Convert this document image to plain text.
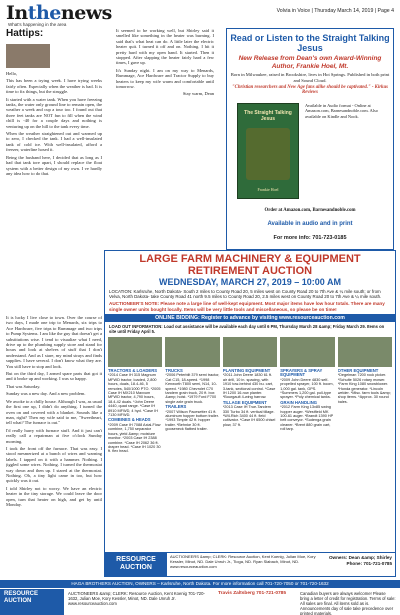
Inthenews
What's happening in the area
Volvia in Voice | Thursday March 14, 2019 | Page 4
Hattips:

Hello,

This has been a trying week. I have trying weeks fairly often. Especially when the weather is bad. It is time to fix things, but the struggle.

It started with a water tank. When you have freezing tanks, the water only ground line to remain open, the weather a week and cup a tour too. I found out that three feet tanks are NOT fun to fill when the wind chill is -40 for a couple days and nothing is venturing up on the hill to the tank every time.

When the weather straightened out and warmed up to zero, I checked the tank. I had a well-insulated tank of cold ice. With well-insulated, afford a freezer, waterline hosed it.

Being the husband here, I decided that as long as I had that tank tore apart, I should replace the float system with a better design of my own. I ve hardly any idea how to do that.

It is lucky I live close to town. Over the course of two days, I made one trip to Menards, six trips to Ace Hardware, five trips to Rummage and two trips to Pump Systems. I am like the guy that doesn't get a substitutions wise. I tend to visualize what I need, drive up to the plumbing supply store and stand for hours and look at shelves of stuff that I don't understand. And as I stare, my mind strays and finds supplies. I have several. I don't know what they are. You still have to stop and look.

But on the third day, I armed spare parts that got it and it broke up and working. I was so happy.

That was Saturday.

Sunday was a new day. And a new problem.

We awoke to a chilly house. Although I was, as usual the first one up, I didn't do anything. I turned the oven on and covered with a blanket. Sounds like a man, right? Then my wife said to me, "Sweetheart, tell what? The furnace is out."

I'd really hurry with furnace stuff. And it just can't really call a repairman at five o'clock Sunday morning.

I took the front off the furnace. That was easy. I stood mesmerized at a bunch of wires and warning labels. I tapped on it with a hammer. Nothing. I jiggled some wires. Nothing. I turned the thermostat way down and then up. I stared at the thermostat. Nothing. Oh, a tiny light came in too, but how quickly was it out.

I told Shirley not to worry. We have an electric heater in the tiny storage. We could leave the door open, turn that heater on high, and get by until Monday.

It seemed to be working well, but Shirley said it smelled like something in the heater was burning. I said that's what heat can do. A little later the electric heater quit. I turned it off and on. Nothing. I hit it pretty hard with my open hand. It started. Then it stopped. After slapping the heater fairly hard a few times, I gave up.

It's Sunday night. I am on my way to Menards, Rummage, Ace Hardware and Tractor Supply to buy heaters to keep my wife warm and comfortable until tomorrow.

Stay warm, Dean

Read or Listen to the Straight Talking Jesus
New Release from Dean's own Award-Winning Author, Frankie Hoel, Mt.
Born in Milwaukee, raised in Brookshire, lives in Hot Springs. Published in both print and Sound Cloud.
"Christian researchers and New Age fans alike should be captivated." - Kirkus Reviews
The Straight Talking Jesus
Frankie Hoel
Available in Audio format - Online at Amazon.com, Barnesandnoble.com. Also available on Kindle and Nook.
Order at Amazon.com, Barnesandnoble.com
Available in audio and in print
For more info: 701-723-0185
LARGE FARM MACHINERY & EQUIPMENT RETIREMENT AUCTION
WEDNESDAY, MARCH 27, 2019 – 10:00 AM
LOCATION: Karlsruhe, North Dakota- South 2 miles to County Road 20, 5 miles west on County Road 20 to 7th Ave & ¼ mile south; or from Velva, North Dakota- take County Road 41 north 9.5 miles to County Road 20, 2.5 miles west on County Road 20 to 7th Ave & ¼ mile south.
AUCTIONEER'S NOTE: Please note a large line of well-kept equipment. Most major items have low hour totals. There are many single owner units bought locally. Items will be very little tools and miscellaneous, so please be on time!
ONLINE BIDDING: Register to advance by visiting www.resourceauction.com
LOAD OUT INFORMATION: Load out assistance will be available each day until 6 PM, Thursday March 28 &amp; Friday March 29. Items on site until Friday April 5.
TRACTORS & LOADERS
*2014 Case IH 315 Magnum MFWD tractor, loaded, 2,800 hours, duals, 18.4-46, 5 remotes, 540/1000 PTO. *2005 Case IH MX210 Maxxum MFWD tractor, 4,790 hours, 18.4-42 duals. *John Deere 4440, quad range. *Case IH 8910 MFWD, 4 hyd. *Case IH 7130 MFWD.
COMBINES & HEADS
*2009 Case IH 7088 Axial-Flow combine, 1,750 separator hours, yield &amp; moisture monitor. *2003 Case IH 2388 combine. *Case IH 2062 36 ft. draper head. *Case IH 1020 30 ft. flex head.
TRUCKS
*2006 Peterbilt 379 semi tractor, Cat C15, 18-speed. *1998 Kenworth T800 semi, N14, 10-speed. *1980 Chevrolet C70 tandem grain truck, 20 ft. box &amp; hoist. *1979 Ford F700 single axle grain truck.
TRAILERS
*2007 Wilson Pacesetter 41 ft. aluminum hopper bottom trailer. *1993 Timpte 42 ft. hopper trailer. *Behnke 30 ft. gooseneck flatbed trailer.
PLANTING EQUIPMENT
*2011 John Deere 1830 61 ft. air drill, 10 in. spacing, with 1910 tow-behind 430 bu. cart, 3-tank, sectional control. *Case IH 1200 16-row planter. *Bourgault 4-wing harrow.
TILLAGE EQUIPMENT
*2013 Case IH True-Tandem 330 Turbo 34 ft. vertical tillage. *Wil-Rich 3400 44 ft. field cultivator. *Case IH 6500 chisel plow, 37 ft.
SPRAYERS & SPRAY EQUIPMENT
*2009 John Deere 4830 self-propelled sprayer, 100 ft. boom, 1,000 gal. tank, GPS. *Summers 1,200 gal. pull-type sprayer. *Poly chemical tanks.
GRAIN HANDLING
*2012 Farm King 13x85 swing hopper auger. *Westfield MK 100-61 auger. *Brandt 1390 HP belt conveyor. *Sudenga grain cleaner. *Brent 880 grain cart, roll tarp.
OTHER EQUIPMENT
*Degelman 7200 rock picker. *Schulte 5026 rotary mower. *Farm King 1080 snowblower. *Honda generator. *Lincoln welder. *Misc. farm tools &amp; shop items. *Approx. 30 round bales.
RESOURCE AUCTION
AUCTIONEERS &amp; CLERK: Resource Auction, Kent Koenig, Julian Moe, Kory Kessler, Minot, ND. Dale Unruh Jr., Tioga, ND. Ryan Slabach, Minot, ND. www.resourceauction.com
Owners: Dean &amp; Shirley Phone: 701-721-0785
HAGA BROTHERS AUCTION, OWNERS – Karlsruhe, North Dakota. For more information call 701-720-7050 or 701-720-1632
RESOURCE AUCTION
AUCTIONEERS &amp; CLERK: Resource Auction, Kent Koenig 701-720-1632, Julian Moe, Kory Kessler, Minot, ND. Dale Unruh Jr. www.resourceauction.com
Travis Zaltsberg 701-721-0785	Canadian buyers are always welcome! Please bring a letter of credit for registration. Terms of sale: All sales are final. All items sold as is. Announcements day of sale take precedence over printed materials.
